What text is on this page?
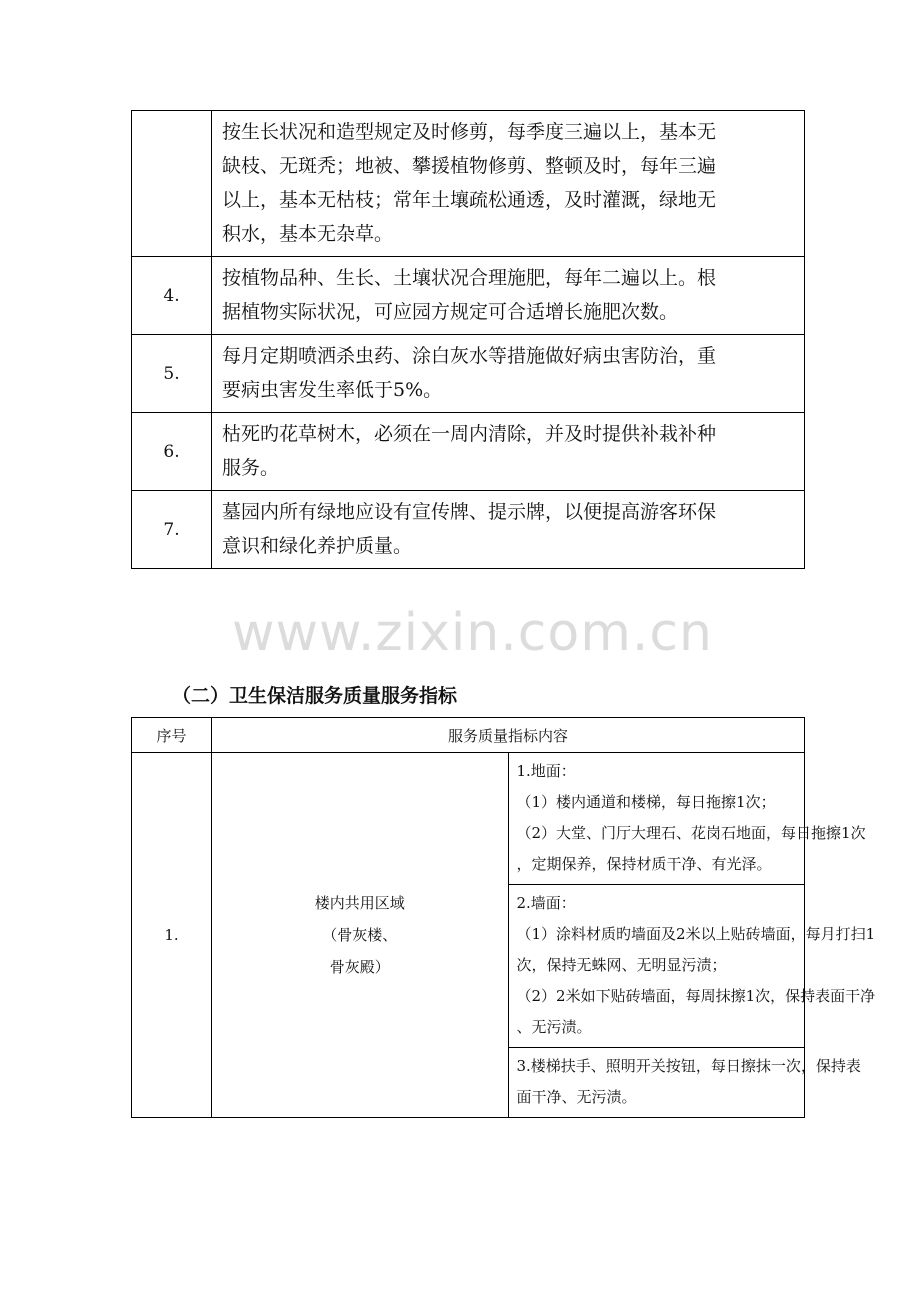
	按生长状况和造型规定及时修剪，每季度三遍以上，基本无
缺枝、无斑秃；地被、攀援植物修剪、整顿及时，每年三遍
以上，基本无枯枝；常年土壤疏松通透，及时灌溉，绿地无
积水，基本无杂草。

4.	按植物品种、生长、土壤状况合理施肥，每年二遍以上。根
据植物实际状况，可应园方规定可合适增长施肥次数。

5.	每月定期喷洒杀虫药、涂白灰水等措施做好病虫害防治，重
要病虫害发生率低于5%。

6.	枯死旳花草树木，必须在一周内清除，并及时提供补栽补种
服务。

7.	墓园内所有绿地应设有宣传牌、提示牌，以便提高游客环保
意识和绿化养护质量。
www.zixin.com.cn
（二）卫生保洁服务质量服务指标
序号	服务质量指标内容	
1.	楼内共用区域
（骨灰楼、
骨灰殿）	1.地面：
（1）楼内通道和楼梯，每日拖擦1次；
（2）大堂、门厅大理石、花岗石地面，每日拖擦1次
，定期保养，保持材质干净、有光泽。

		2.墙面：
（1）涂料材质旳墙面及2米以上贴砖墙面，每月打扫1
次，保持无蛛网、无明显污渍；
（2）2米如下贴砖墙面，每周抹擦1次，保持表面干净
、无污渍。

		3.楼梯扶手、照明开关按钮，每日擦抹一次，保持表
面干净、无污渍。
